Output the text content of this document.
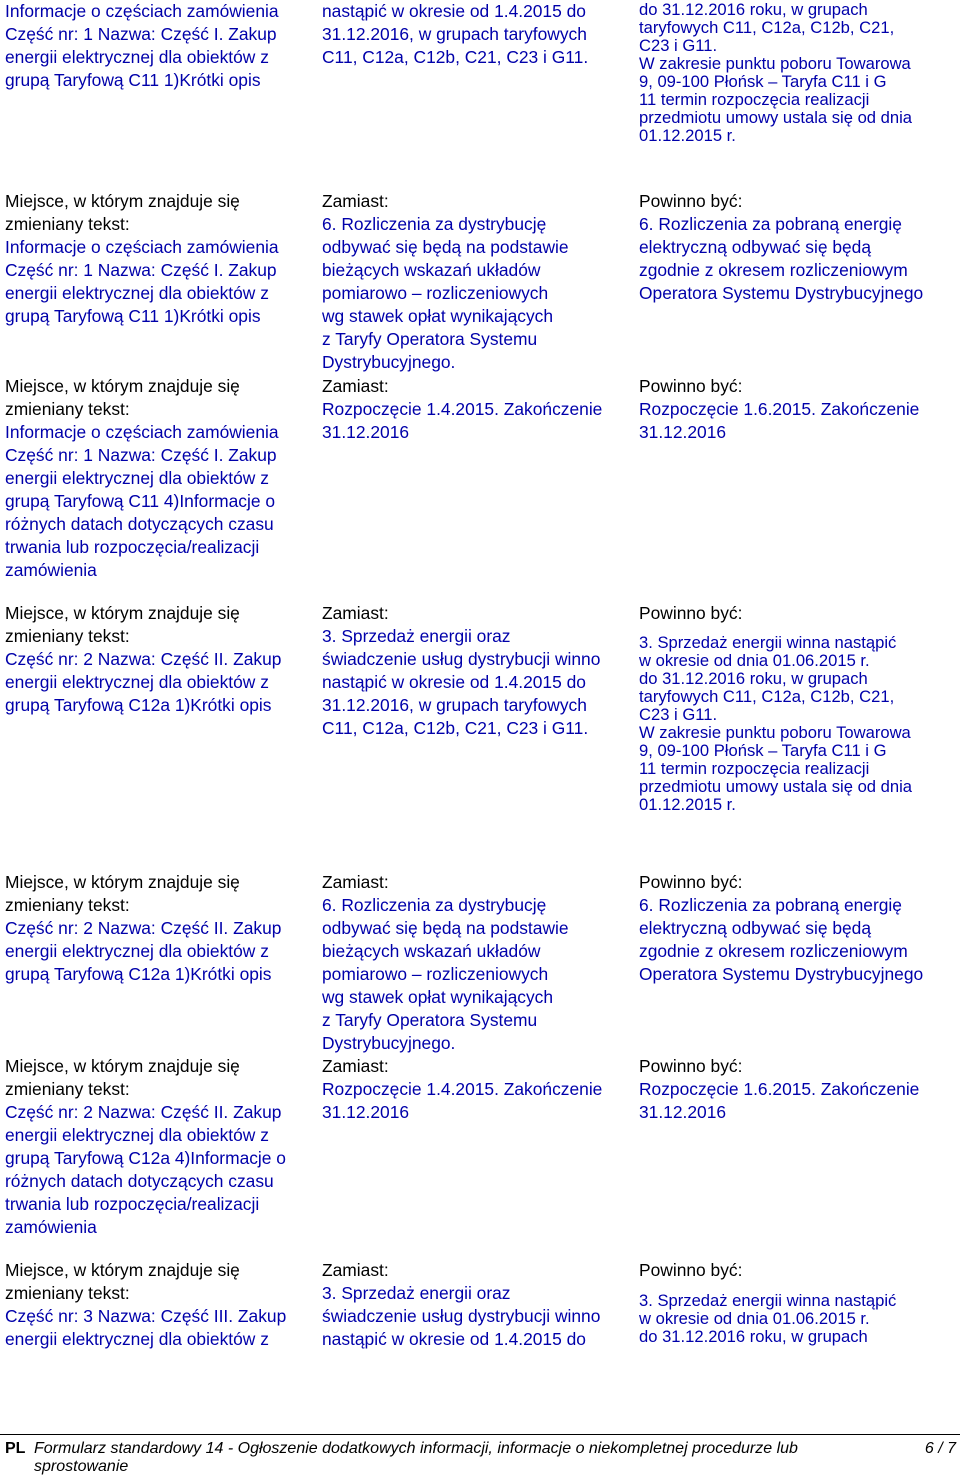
Informacje o częściach zamówienia
Część nr: 1 Nazwa: Część I. Zakup
energii elektrycznej dla obiektów z
grupą Taryfową C11 1)Krótki opis
nastąpić w okresie od 1.4.2015 do
31.12.2016, w grupach taryfowych
C11, C12a, C12b, C21, C23 i G11.
do 31.12.2016 roku, w grupach
taryfowych C11, C12a, C12b, C21,
C23 i G11.
W zakresie punktu poboru Towarowa
9, 09-100 Płońsk – Taryfa C11 i G
11 termin rozpoczęcia realizacji
przedmiotu umowy ustala się od dnia
01.12.2015 r.
Miejsce, w którym znajduje się
zmieniany tekst:
Informacje o częściach zamówienia
Część nr: 1 Nazwa: Część I. Zakup
energii elektrycznej dla obiektów z
grupą Taryfową C11 1)Krótki opis
Zamiast:
6. Rozliczenia za dystrybucję
odbywać się będą na podstawie
bieżących wskazań układów
pomiarowo – rozliczeniowych
wg stawek opłat wynikających
z Taryfy Operatora Systemu
Dystrybucyjnego.
Powinno być:
6. Rozliczenia za pobraną energię
elektryczną odbywać się będą
zgodnie z okresem rozliczeniowym
Operatora Systemu Dystrybucyjnego
Miejsce, w którym znajduje się
zmieniany tekst:
Informacje o częściach zamówienia
Część nr: 1 Nazwa: Część I. Zakup
energii elektrycznej dla obiektów z
grupą Taryfową C11 4)Informacje o
różnych datach dotyczących czasu
trwania lub rozpoczęcia/realizacji
zamówienia
Zamiast:
Rozpoczęcie 1.4.2015. Zakończenie
31.12.2016
Powinno być:
Rozpoczęcie 1.6.2015. Zakończenie
31.12.2016
Miejsce, w którym znajduje się
zmieniany tekst:
Część nr: 2 Nazwa: Część II. Zakup
energii elektrycznej dla obiektów z
grupą Taryfową C12a 1)Krótki opis
Zamiast:
3. Sprzedaż energii oraz
świadczenie usług dystrybucji winno
nastąpić w okresie od 1.4.2015 do
31.12.2016, w grupach taryfowych
C11, C12a, C12b, C21, C23 i G11.
Powinno być:
3. Sprzedaż energii winna nastąpić
w okresie od dnia 01.06.2015 r.
do 31.12.2016 roku, w grupach
taryfowych C11, C12a, C12b, C21,
C23 i G11.
W zakresie punktu poboru Towarowa
9, 09-100 Płońsk – Taryfa C11 i G
11 termin rozpoczęcia realizacji
przedmiotu umowy ustala się od dnia
01.12.2015 r.
Miejsce, w którym znajduje się
zmieniany tekst:
Część nr: 2 Nazwa: Część II. Zakup
energii elektrycznej dla obiektów z
grupą Taryfową C12a 1)Krótki opis
Zamiast:
6. Rozliczenia za dystrybucję
odbywać się będą na podstawie
bieżących wskazań układów
pomiarowo – rozliczeniowych
wg stawek opłat wynikających
z Taryfy Operatora Systemu
Dystrybucyjnego.
Powinno być:
6. Rozliczenia za pobraną energię
elektryczną odbywać się będą
zgodnie z okresem rozliczeniowym
Operatora Systemu Dystrybucyjnego
Miejsce, w którym znajduje się
zmieniany tekst:
Część nr: 2 Nazwa: Część II. Zakup
energii elektrycznej dla obiektów z
grupą Taryfową C12a 4)Informacje o
różnych datach dotyczących czasu
trwania lub rozpoczęcia/realizacji
zamówienia
Zamiast:
Rozpoczęcie 1.4.2015. Zakończenie
31.12.2016
Powinno być:
Rozpoczęcie 1.6.2015. Zakończenie
31.12.2016
Miejsce, w którym znajduje się
zmieniany tekst:
Część nr: 3 Nazwa: Część III. Zakup
energii elektrycznej dla obiektów z
Zamiast:
3. Sprzedaż energii oraz
świadczenie usług dystrybucji winno
nastąpić w okresie od 1.4.2015 do
Powinno być:
3. Sprzedaż energii winna nastąpić
w okresie od dnia 01.06.2015 r.
do 31.12.2016 roku, w grupach
PL Formularz standardowy 14 - Ogłoszenie dodatkowych informacji, informacje o niekompletnej procedurze lub sprostowanie
6 / 7
